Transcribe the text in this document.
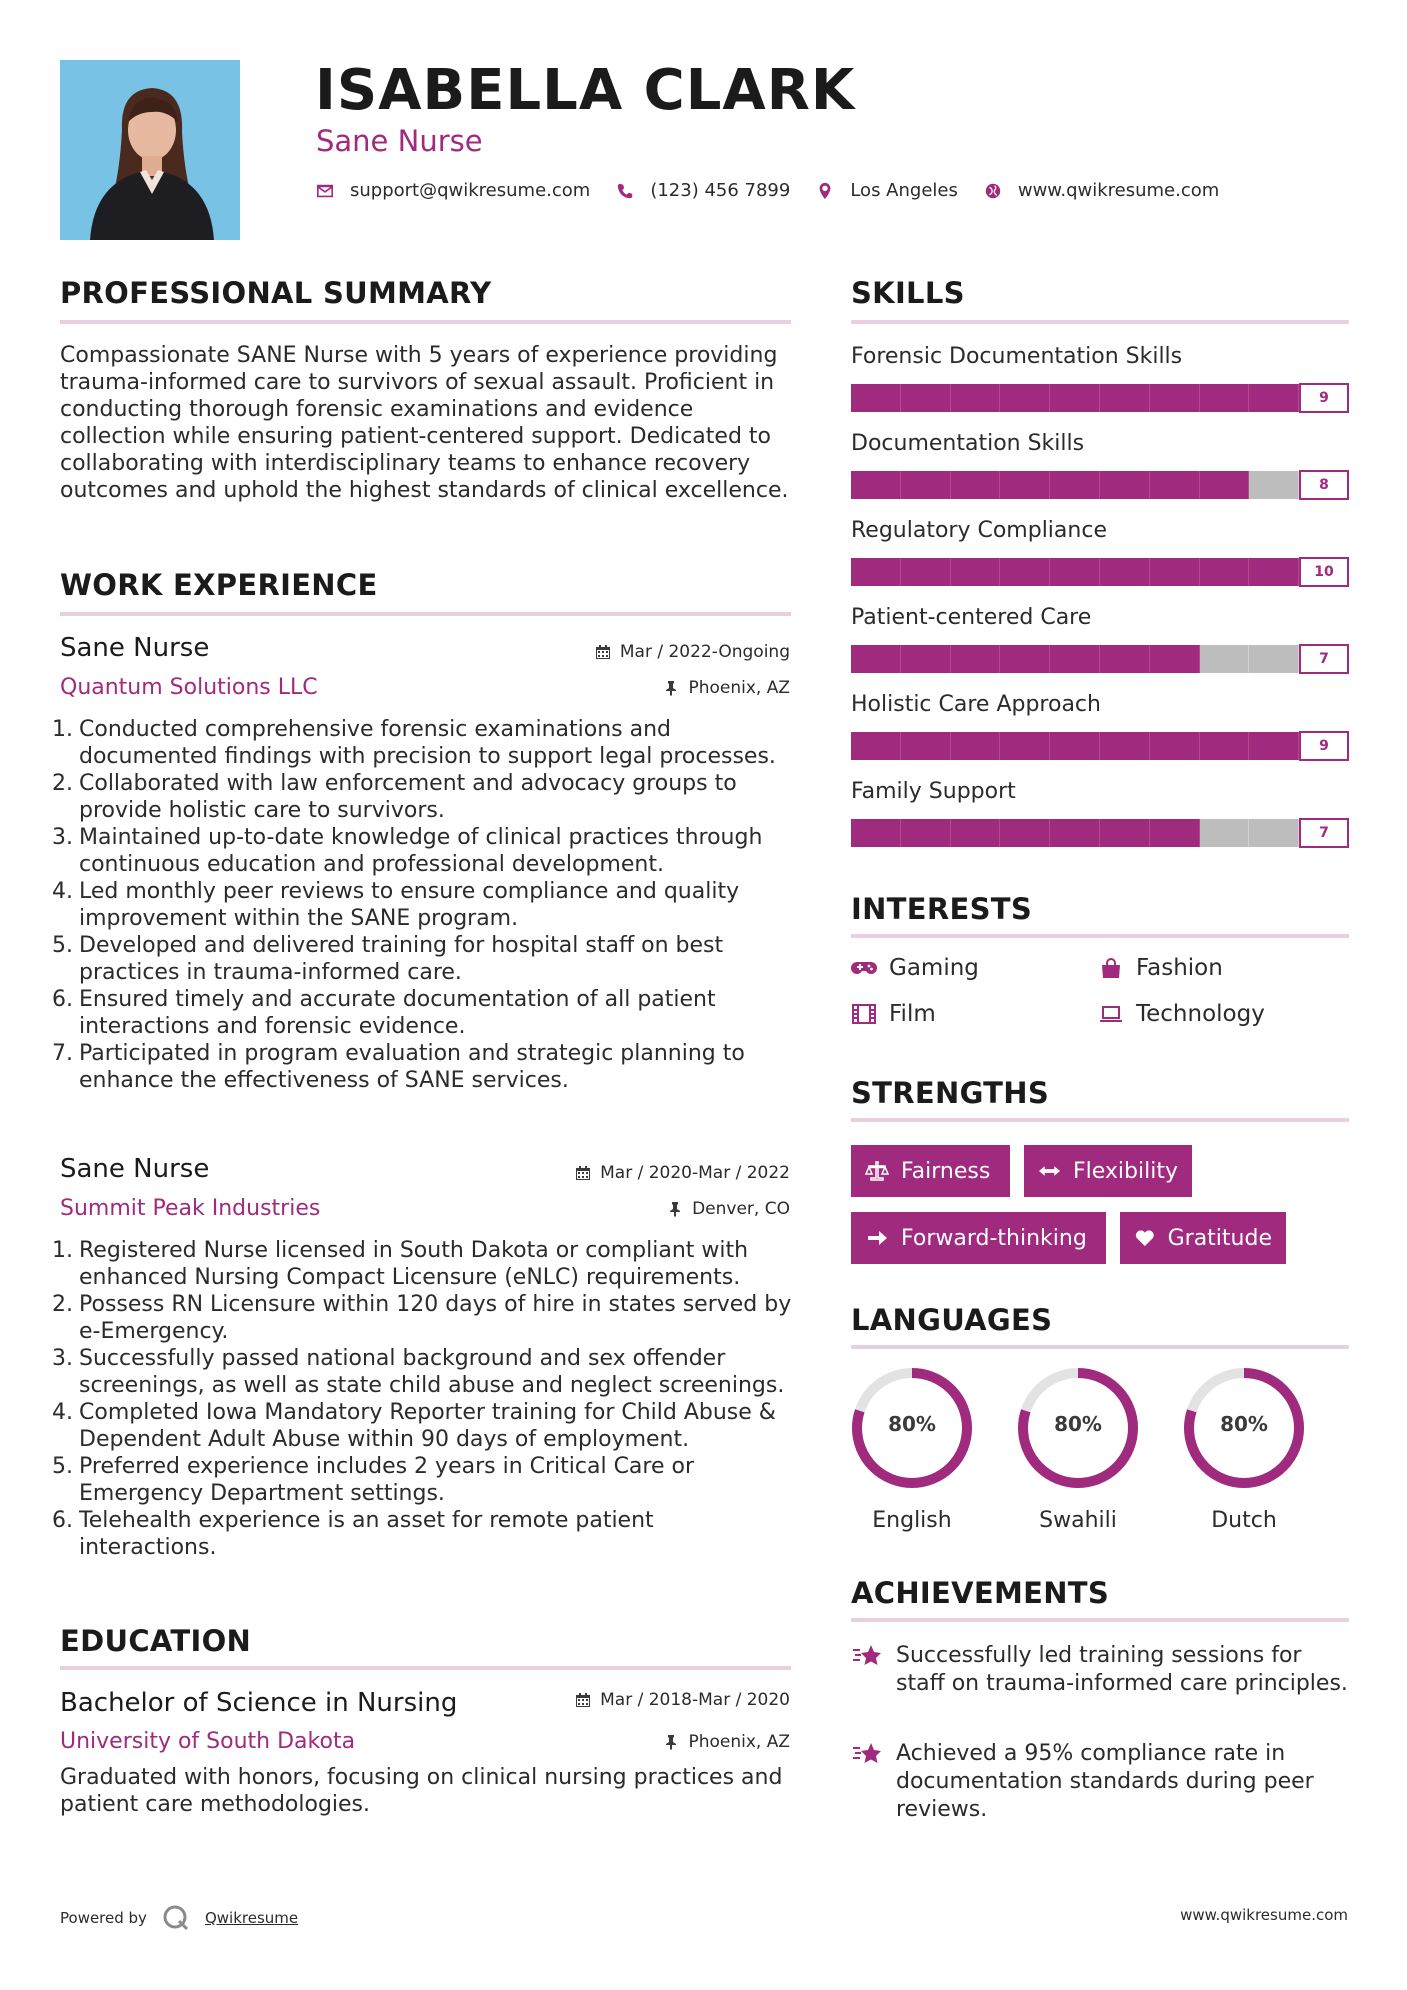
ISABELLA CLARK
Sane Nurse
support@qwikresume.com	(123) 456 7899	Los Angeles	www.qwikresume.com
PROFESSIONAL SUMMARY
Compassionate SANE Nurse with 5 years of experience providing trauma-informed care to survivors of sexual assault. Proficient in conducting thorough forensic examinations and evidence collection while ensuring patient-centered support. Dedicated to collaborating with interdisciplinary teams to enhance recovery outcomes and uphold the highest standards of clinical excellence.
WORK EXPERIENCE
Sane Nurse	Mar / 2022-Ongoing
Quantum Solutions LLC	Phoenix, AZ
1. Conducted comprehensive forensic examinations and documented findings with precision to support legal processes.
2. Collaborated with law enforcement and advocacy groups to provide holistic care to survivors.
3. Maintained up-to-date knowledge of clinical practices through continuous education and professional development.
4. Led monthly peer reviews to ensure compliance and quality improvement within the SANE program.
5. Developed and delivered training for hospital staff on best practices in trauma-informed care.
6. Ensured timely and accurate documentation of all patient interactions and forensic evidence.
7. Participated in program evaluation and strategic planning to enhance the effectiveness of SANE services.
Sane Nurse	Mar / 2020-Mar / 2022
Summit Peak Industries	Denver, CO
1. Registered Nurse licensed in South Dakota or compliant with enhanced Nursing Compact Licensure (eNLC) requirements.
2. Possess RN Licensure within 120 days of hire in states served by e-Emergency.
3. Successfully passed national background and sex offender screenings, as well as state child abuse and neglect screenings.
4. Completed Iowa Mandatory Reporter training for Child Abuse & Dependent Adult Abuse within 90 days of employment.
5. Preferred experience includes 2 years in Critical Care or Emergency Department settings.
6. Telehealth experience is an asset for remote patient interactions.
EDUCATION
Bachelor of Science in Nursing	Mar / 2018-Mar / 2020
University of South Dakota	Phoenix, AZ
Graduated with honors, focusing on clinical nursing practices and patient care methodologies.
SKILLS
Forensic Documentation Skills
9
Documentation Skills
8
Regulatory Compliance
10
Patient-centered Care
7
Holistic Care Approach
9
Family Support
7
INTERESTS
Gaming	Fashion
Film	Technology
STRENGTHS
Fairness	Flexibility
Forward-thinking	Gratitude
LANGUAGES
80%
English
80%
Swahili
80%
Dutch
ACHIEVEMENTS
Successfully led training sessions for staff on trauma-informed care principles.
Achieved a 95% compliance rate in documentation standards during peer reviews.
Powered by	Qwikresume	www.qwikresume.com
